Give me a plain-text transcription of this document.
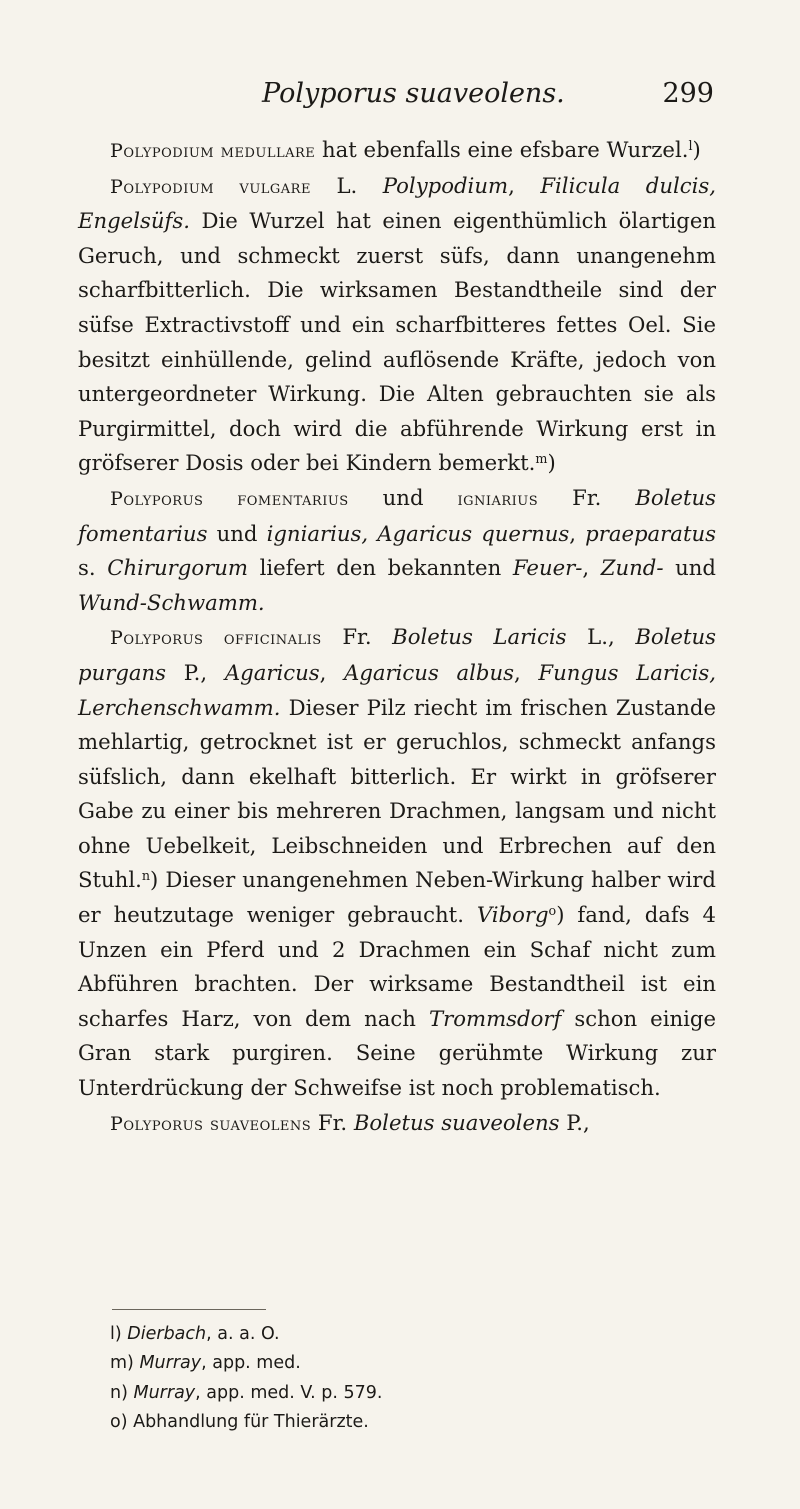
Polyporus suaveolens.	299

Polypodium medullare hat ebenfalls eine efsbare Wurzel.$^l$)

Polypodium vulgare L. Polypodium, Filicula dulcis, Engelsüfs. Die Wurzel hat einen eigenthümlich ölartigen Geruch, und schmeckt zuerst süfs, dann unangenehm scharfbitterlich. Die wirksamen Bestandtheile sind der süfse Extractivstoff und ein scharfbitteres fettes Oel. Sie besitzt einhüllende, gelind auflösende Kräfte, jedoch von untergeordneter Wirkung. Die Alten gebrauchten sie als Purgirmittel, doch wird die abführende Wirkung erst in gröfserer Dosis oder bei Kindern bemerkt.$^m$)

Polyporus fomentarius und igniarius Fr. Boletus fomentarius und igniarius, Agaricus quernus, praeparatus s. Chirurgorum liefert den bekannten Feuer-, Zund- und Wund-Schwamm.

Polyporus officinalis Fr. Boletus Laricis L., Boletus purgans P., Agaricus, Agaricus albus, Fungus Laricis, Lerchenschwamm. Dieser Pilz riecht im frischen Zustande mehlartig, getrocknet ist er geruchlos, schmeckt anfangs süfslich, dann ekelhaft bitterlich. Er wirkt in gröfserer Gabe zu einer bis mehreren Drachmen, langsam und nicht ohne Uebelkeit, Leibschneiden und Erbrechen auf den Stuhl.$^n$) Dieser unangenehmen Neben-Wirkung halber wird er heutzutage weniger gebraucht. Viborg$^o$) fand, dafs 4 Unzen ein Pferd und 2 Drachmen ein Schaf nicht zum Abführen brachten. Der wirksame Bestandtheil ist ein scharfes Harz, von dem nach Trommsdorf schon einige Gran stark purgiren. Seine gerühmte Wirkung zur Unterdrückung der Schweifse ist noch problematisch.

Polyporus suaveolens Fr. Boletus suaveolens P.,

l) Dierbach, a. a. O.
m) Murray, app. med.
n) Murray, app. med. V. p. 579.
o) Abhandlung für Thierärzte.
